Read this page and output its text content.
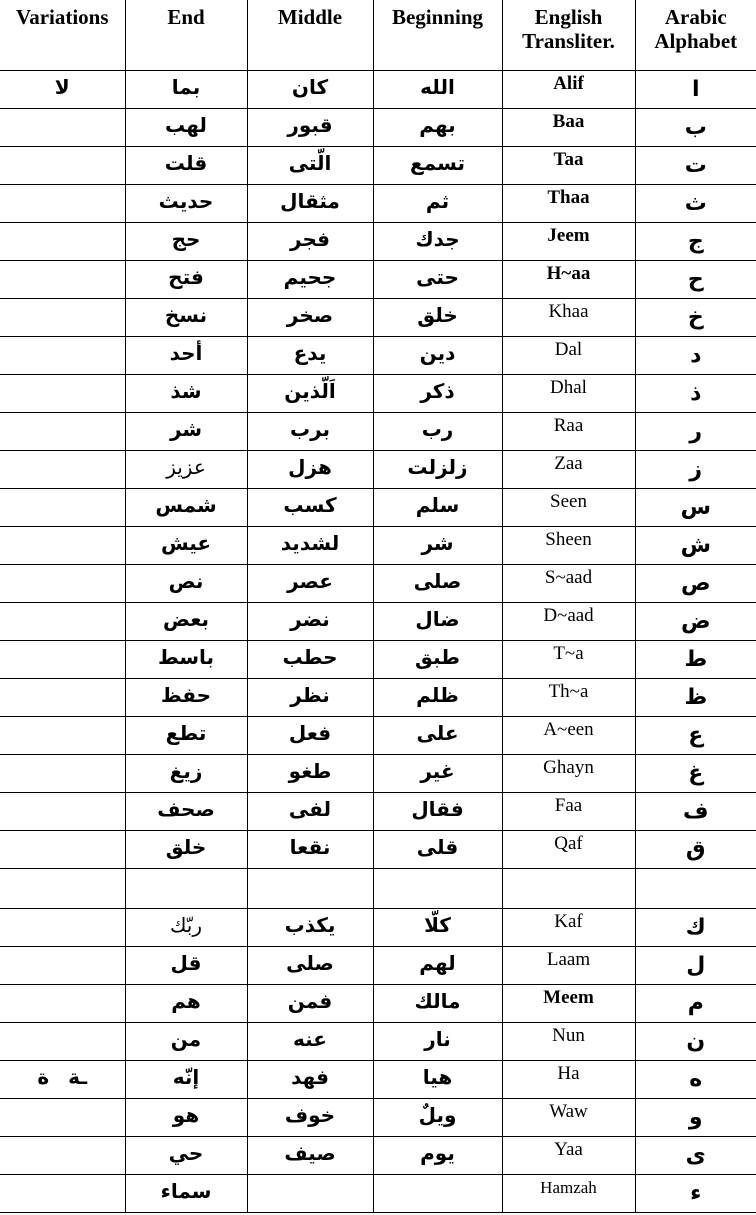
Variations	End	Middle	Beginning	English Transliter.	Arabic Alphabet

لا	بما	كان	الله	Alif	ا

	لهب	قبور	بهم	Baa	ب

	قلت	الّتى	تسمع	Taa	ت

	حديث	مثقال	ثم	Thaa	ث

	حج	فجر	جدك	Jeem	ج

	فتح	جحيم	حتى	H~aa	ح

	نسخ	صخر	خلق	Khaa	خ

	أحد	يدع	دين	Dal	د

	شذ	اَلّذين	ذكر	Dhal	ذ

	شر	برب	رب	Raa	ر

	عزيز	هزل	زلزلت	Zaa	ز

	شمس	كسب	سلم	Seen	س

	عيش	لشديد	شر	Sheen	ش

	نص	عصر	صلى	S~aad	ص

	بعض	نضر	ضال	D~aad	ض

	باسط	حطب	طبق	T~a	ط

	حفظ	نظر	ظلم	Th~a	ظ

	تطع	فعل	على	A~een	ع

	زيغ	طغو	غير	Ghayn	غ

	صحف	لفى	فقال	Faa	ف

	خلق	نقعا	قلى	Qaf	ق

	ربّك	يكذب	كلّا	Kaf	ك

	قل	صلى	لهم	Laam	ل

	هم	فمن	مالك	Meem	م

	من	عنه	نار	Nun	ن

ـة ة	إنّه	فهد	هيا	Ha	ه

	هو	خوف	ويلٌ	Waw	و

	حي	صيف	يوم	Yaa	ى

	سماء			Hamzah	ء
